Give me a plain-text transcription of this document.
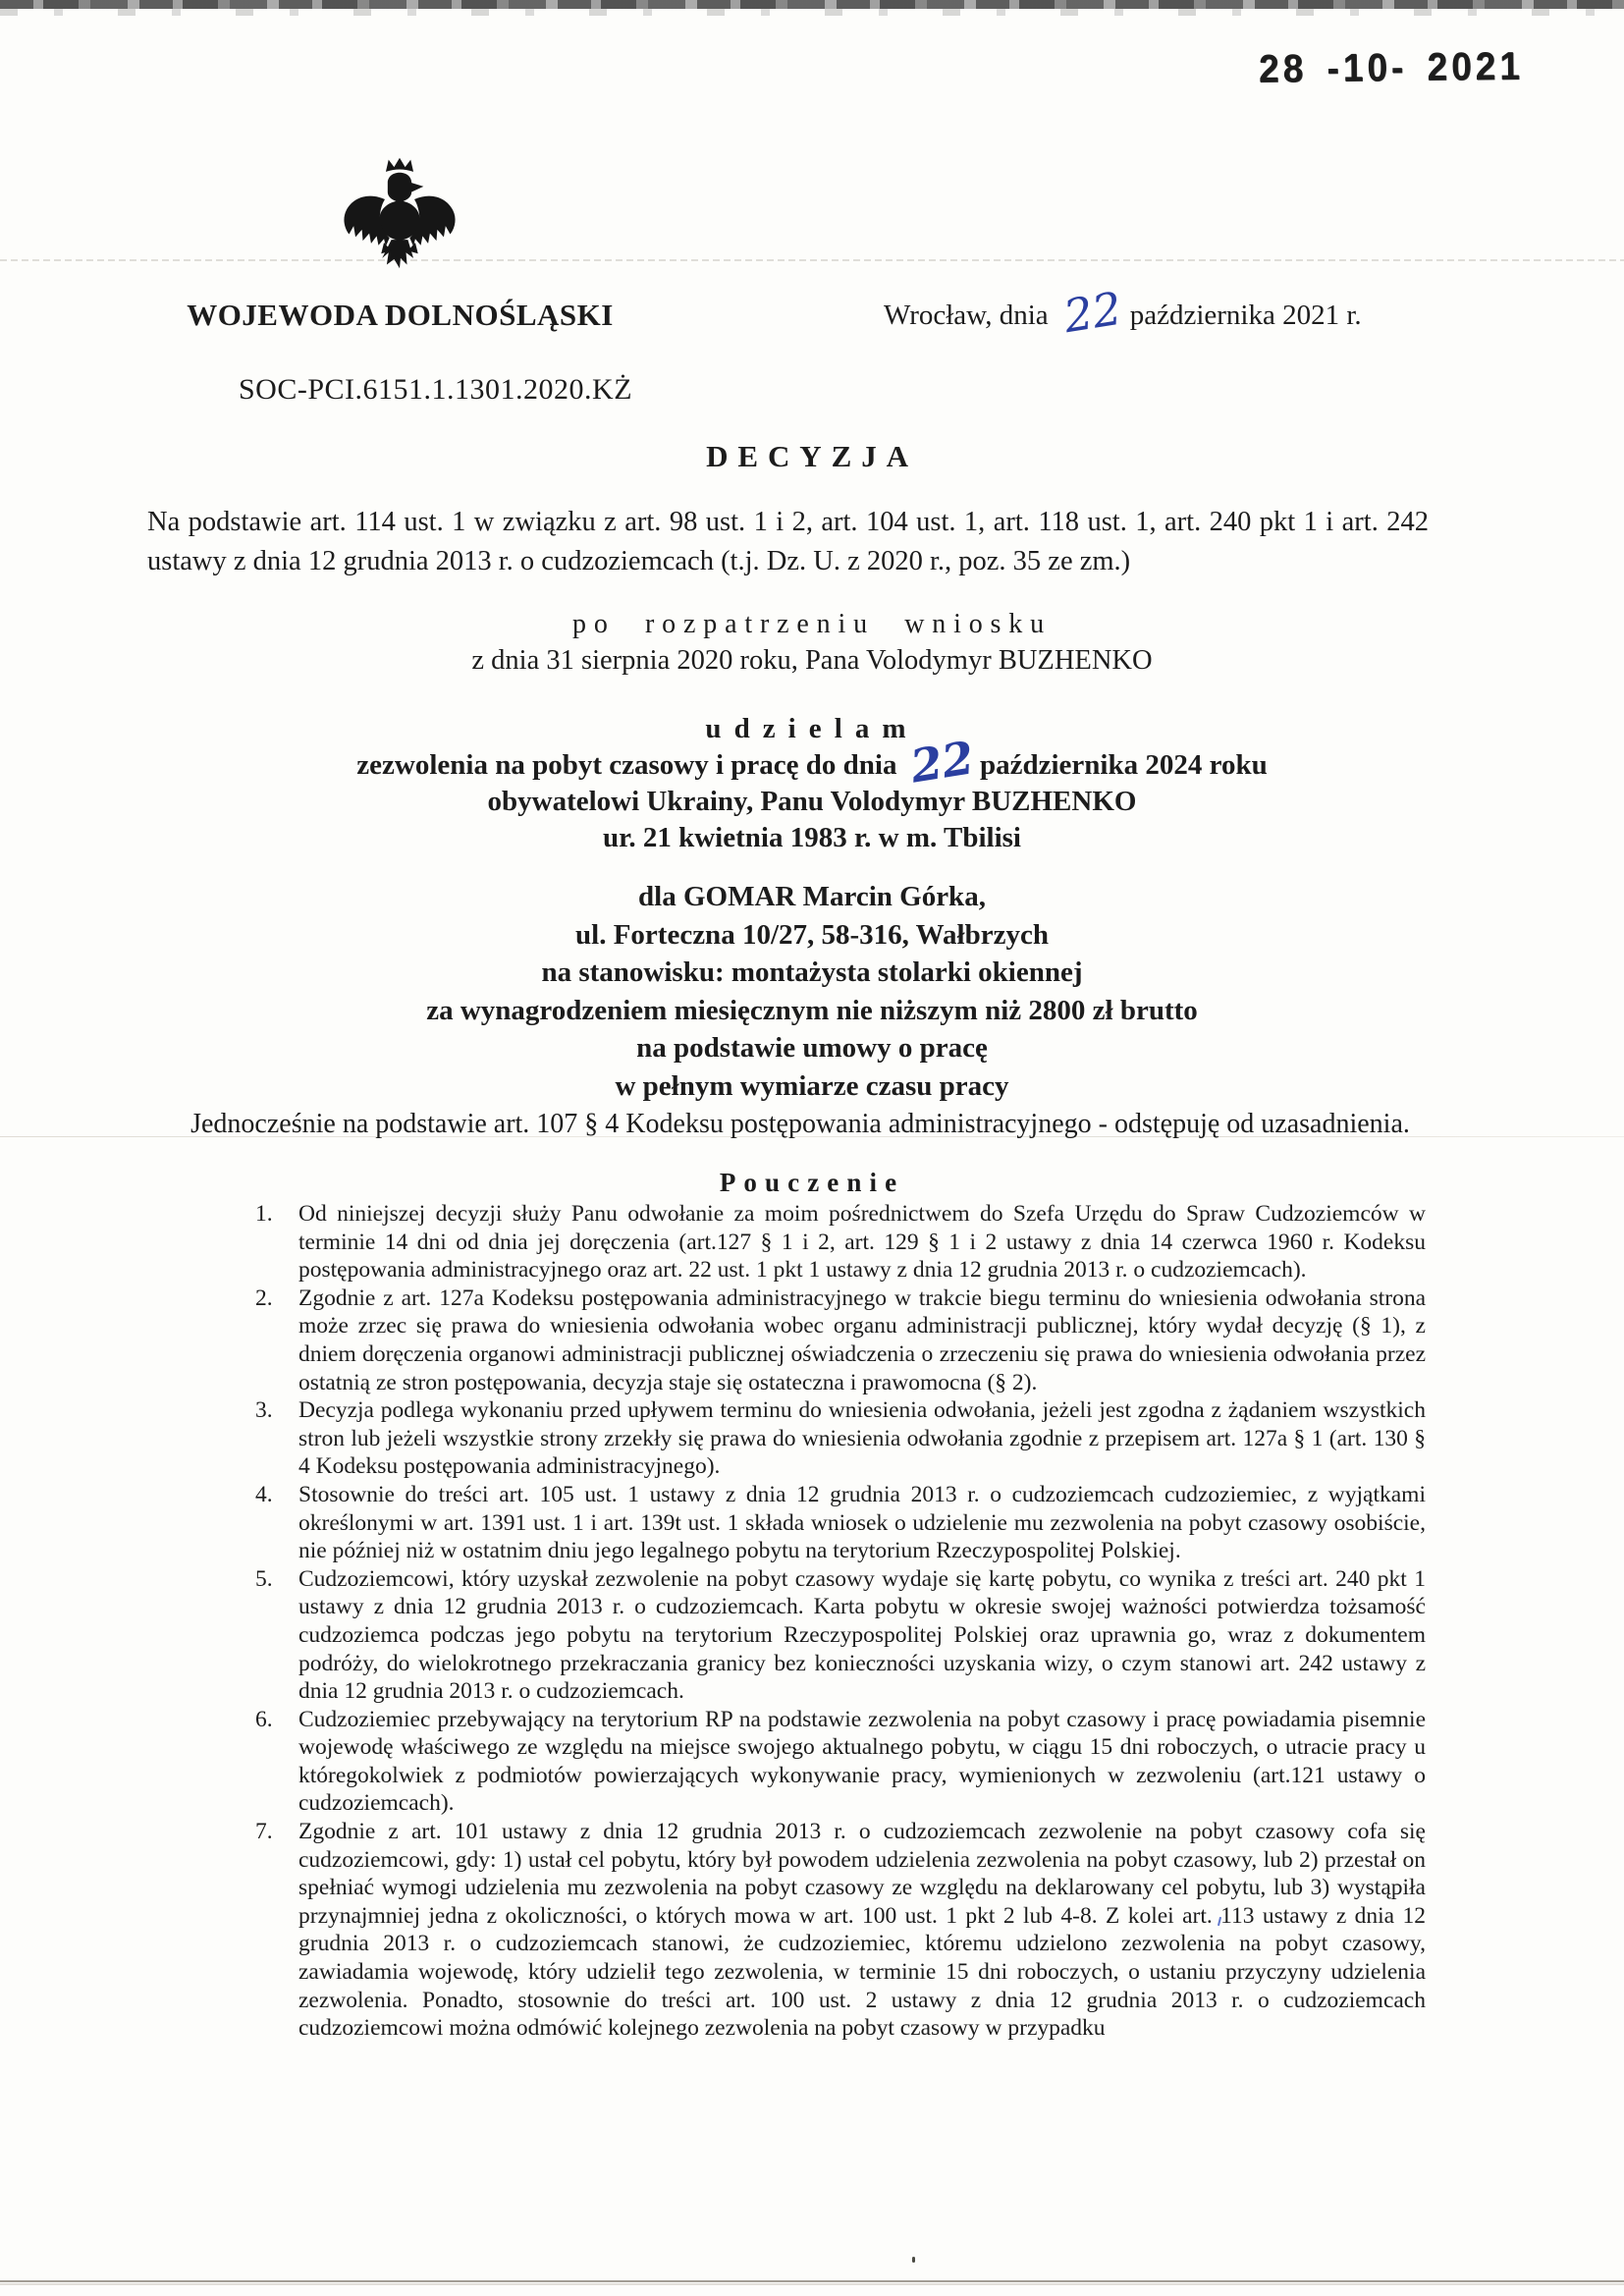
28 -10- 2021
WOJEWODA DOLNOŚLĄSKI	Wrocław, dnia 22 października 2021 r.
SOC-PCI.6151.1.1301.2020.KŻ
DECYZJA

Na podstawie art. 114 ust. 1 w związku z art. 98 ust. 1 i 2, art. 104 ust. 1, art. 118 ust. 1, art. 240 pkt 1 i art. 242 ustawy z dnia 12 grudnia 2013 r. o cudzoziemcach (t.j. Dz. U. z 2020 r., poz. 35 ze zm.)

po rozpatrzeniu wniosku
z dnia 31 sierpnia 2020 roku, Pana Volodymyr BUZHENKO
udzielam
zezwolenia na pobyt czasowy i pracę do dnia 22 października 2024 roku
obywatelowi Ukrainy, Panu Volodymyr BUZHENKO
ur. 21 kwietnia 1983 r. w m. Tbilisi
dla GOMAR Marcin Górka,
ul. Forteczna 10/27, 58-316, Wałbrzych
na stanowisku: montażysta stolarki okiennej
za wynagrodzeniem miesięcznym nie niższym niż 2800 zł brutto
na podstawie umowy o pracę
w pełnym wymiarze czasu pracy
Jednocześnie na podstawie art. 107 § 4 Kodeksu postępowania administracyjnego - odstępuję od uzasadnienia.
Pouczenie
1. Od niniejszej decyzji służy Panu odwołanie za moim pośrednictwem do Szefa Urzędu do Spraw Cudzoziemców w terminie 14 dni od dnia jej doręczenia (art.127 § 1 i 2, art. 129 § 1 i 2 ustawy z dnia 14 czerwca 1960 r. Kodeksu postępowania administracyjnego oraz art. 22 ust. 1 pkt 1 ustawy z dnia 12 grudnia 2013 r. o cudzoziemcach).
2. Zgodnie z art. 127a Kodeksu postępowania administracyjnego w trakcie biegu terminu do wniesienia odwołania strona może zrzec się prawa do wniesienia odwołania wobec organu administracji publicznej, który wydał decyzję (§ 1), z dniem doręczenia organowi administracji publicznej oświadczenia o zrzeczeniu się prawa do wniesienia odwołania przez ostatnią ze stron postępowania, decyzja staje się ostateczna i prawomocna (§ 2).
3. Decyzja podlega wykonaniu przed upływem terminu do wniesienia odwołania, jeżeli jest zgodna z żądaniem wszystkich stron lub jeżeli wszystkie strony zrzekły się prawa do wniesienia odwołania zgodnie z przepisem art. 127a § 1 (art. 130 § 4 Kodeksu postępowania administracyjnego).
4. Stosownie do treści art. 105 ust. 1 ustawy z dnia 12 grudnia 2013 r. o cudzoziemcach cudzoziemiec, z wyjątkami określonymi w art. 1391 ust. 1 i art. 139t ust. 1 składa wniosek o udzielenie mu zezwolenia na pobyt czasowy osobiście, nie później niż w ostatnim dniu jego legalnego pobytu na terytorium Rzeczypospolitej Polskiej.
5. Cudzoziemcowi, który uzyskał zezwolenie na pobyt czasowy wydaje się kartę pobytu, co wynika z treści art. 240 pkt 1 ustawy z dnia 12 grudnia 2013 r. o cudzoziemcach. Karta pobytu w okresie swojej ważności potwierdza tożsamość cudzoziemca podczas jego pobytu na terytorium Rzeczypospolitej Polskiej oraz uprawnia go, wraz z dokumentem podróży, do wielokrotnego przekraczania granicy bez konieczności uzyskania wizy, o czym stanowi art. 242 ustawy z dnia 12 grudnia 2013 r. o cudzoziemcach.
6. Cudzoziemiec przebywający na terytorium RP na podstawie zezwolenia na pobyt czasowy i pracę powiadamia pisemnie wojewodę właściwego ze względu na miejsce swojego aktualnego pobytu, w ciągu 15 dni roboczych, o utracie pracy u któregokolwiek z podmiotów powierzających wykonywanie pracy, wymienionych w zezwoleniu (art.121 ustawy o cudzoziemcach).
7. Zgodnie z art. 101 ustawy z dnia 12 grudnia 2013 r. o cudzoziemcach zezwolenie na pobyt czasowy cofa się cudzoziemcowi, gdy: 1) ustał cel pobytu, który był powodem udzielenia zezwolenia na pobyt czasowy, lub 2) przestał on spełniać wymogi udzielenia mu zezwolenia na pobyt czasowy ze względu na deklarowany cel pobytu, lub 3) wystąpiła przynajmniej jedna z okoliczności, o których mowa w art. 100 ust. 1 pkt 2 lub 4-8. Z kolei art. 113 ustawy z dnia 12 grudnia 2013 r. o cudzoziemcach stanowi, że cudzoziemiec, któremu udzielono zezwolenia na pobyt czasowy, zawiadamia wojewodę, który udzielił tego zezwolenia, w terminie 15 dni roboczych, o ustaniu przyczyny udzielenia zezwolenia. Ponadto, stosownie do treści art. 100 ust. 2 ustawy z dnia 12 grudnia 2013 r. o cudzoziemcach cudzoziemcowi można odmówić kolejnego zezwolenia na pobyt czasowy w przypadku
